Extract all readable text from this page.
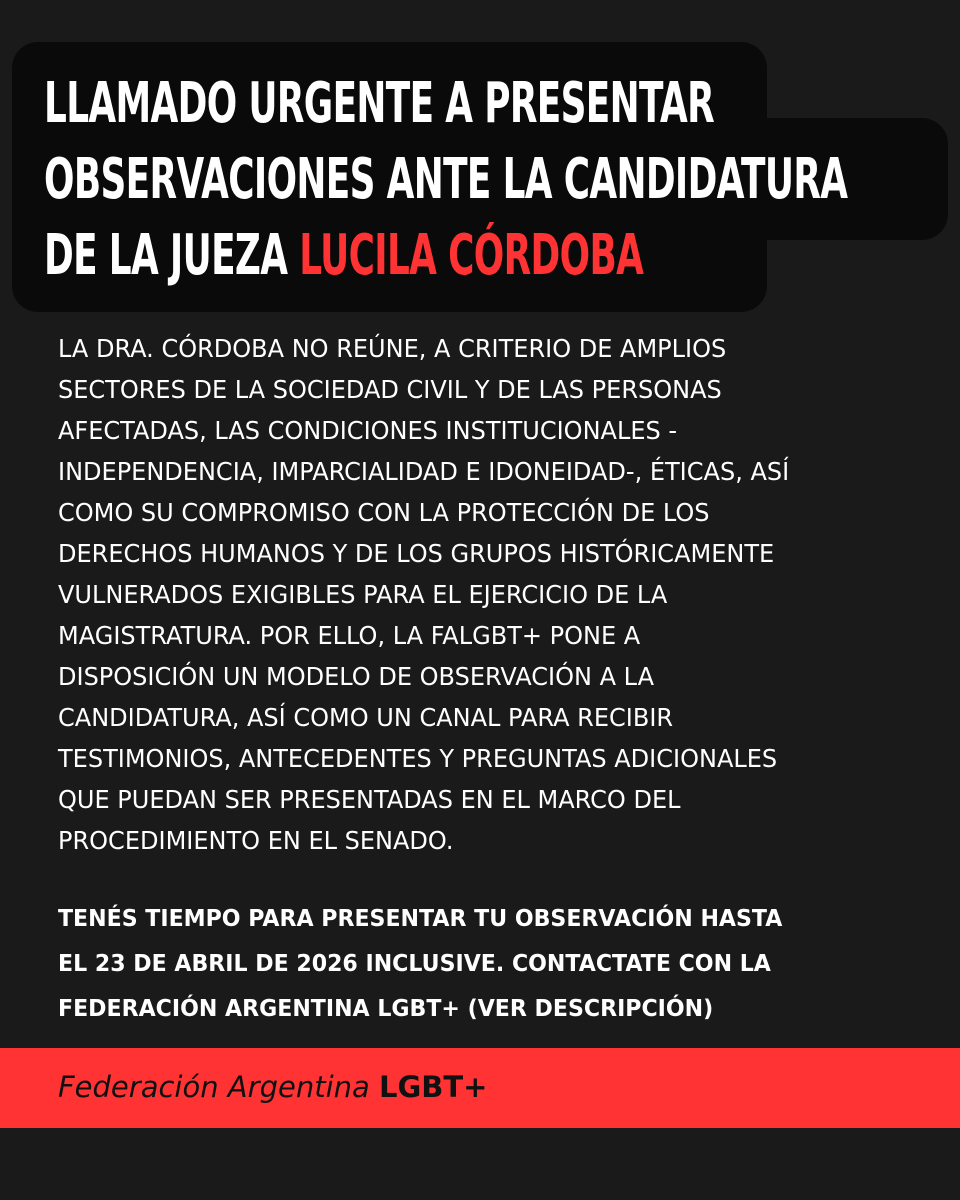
LLAMADO URGENTE A PRESENTAR
OBSERVACIONES ANTE LA CANDIDATURA
DE LA JUEZA LUCILA CÓRDOBA

LA DRA. CÓRDOBA NO REÚNE, A CRITERIO DE AMPLIOS
SECTORES DE LA SOCIEDAD CIVIL Y DE LAS PERSONAS
AFECTADAS, LAS CONDICIONES INSTITUCIONALES -
INDEPENDENCIA, IMPARCIALIDAD E IDONEIDAD-, ÉTICAS, ASÍ
COMO SU COMPROMISO CON LA PROTECCIÓN DE LOS
DERECHOS HUMANOS Y DE LOS GRUPOS HISTÓRICAMENTE
VULNERADOS EXIGIBLES PARA EL EJERCICIO DE LA
MAGISTRATURA. POR ELLO, LA FALGBT+ PONE A
DISPOSICIÓN UN MODELO DE OBSERVACIÓN A LA
CANDIDATURA, ASÍ COMO UN CANAL PARA RECIBIR
TESTIMONIOS, ANTECEDENTES Y PREGUNTAS ADICIONALES
QUE PUEDAN SER PRESENTADAS EN EL MARCO DEL
PROCEDIMIENTO EN EL SENADO.

TENÉS TIEMPO PARA PRESENTAR TU OBSERVACIÓN HASTA
EL 23 DE ABRIL DE 2026 INCLUSIVE. CONTACTATE CON LA
FEDERACIÓN ARGENTINA LGBT+ (VER DESCRIPCIÓN)

Federación Argentina LGBT+
